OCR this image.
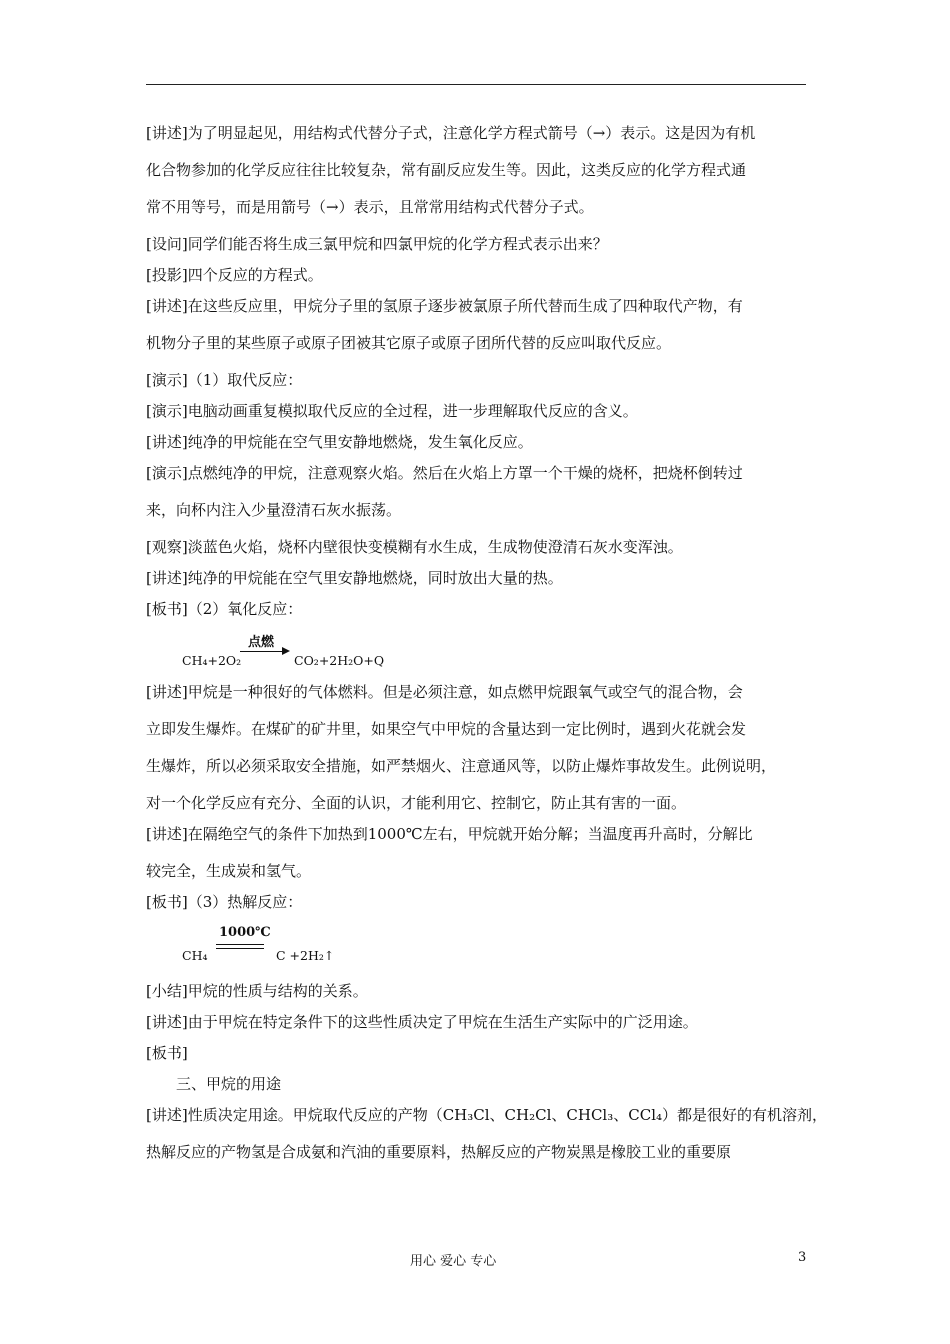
[讲述]为了明显起见，用结构式代替分子式，注意化学方程式箭号（→）表示。这是因为有机
化合物参加的化学反应往往比较复杂，常有副反应发生等。因此，这类反应的化学方程式通
常不用等号，而是用箭号（→）表示，且常常用结构式代替分子式。
[设问]同学们能否将生成三氯甲烷和四氯甲烷的化学方程式表示出来？
[投影]四个反应的方程式。
[讲述]在这些反应里，甲烷分子里的氢原子逐步被氯原子所代替而生成了四种取代产物，有
机物分子里的某些原子或原子团被其它原子或原子团所代替的反应叫取代反应。
[演示]（1）取代反应：
[演示]电脑动画重复模拟取代反应的全过程，进一步理解取代反应的含义。
[讲述]纯净的甲烷能在空气里安静地燃烧，发生氧化反应。
[演示]点燃纯净的甲烷，注意观察火焰。然后在火焰上方罩一个干燥的烧杯，把烧杯倒转过
来，向杯内注入少量澄清石灰水振荡。
[观察]淡蓝色火焰，烧杯内壁很快变模糊有水生成，生成物使澄清石灰水变浑浊。
[讲述]纯净的甲烷能在空气里安静地燃烧，同时放出大量的热。
[板书]（2）氧化反应：
CH₄+2O₂
点燃
CO₂+2H₂O+Q
[讲述]甲烷是一种很好的气体燃料。但是必须注意，如点燃甲烷跟氧气或空气的混合物，会
立即发生爆炸。在煤矿的矿井里，如果空气中甲烷的含量达到一定比例时，遇到火花就会发
生爆炸，所以必须采取安全措施，如严禁烟火、注意通风等，以防止爆炸事故发生。此例说明，
对一个化学反应有充分、全面的认识，才能利用它、控制它，防止其有害的一面。
[讲述]在隔绝空气的条件下加热到1000℃左右，甲烷就开始分解；当温度再升高时，分解比
较完全，生成炭和氢气。
[板书]（3）热解反应：
CH₄
1000℃
C +2H₂↑
[小结]甲烷的性质与结构的关系。
[讲述]由于甲烷在特定条件下的这些性质决定了甲烷在生活生产实际中的广泛用途。
[板书]
三、甲烷的用途
[讲述]性质决定用途。甲烷取代反应的产物（CH₃Cl、CH₂Cl、CHCl₃、CCl₄）都是很好的有机溶剂，
热解反应的产物氢是合成氨和汽油的重要原料，热解反应的产物炭黑是橡胶工业的重要原
用心 爱心 专心	3
